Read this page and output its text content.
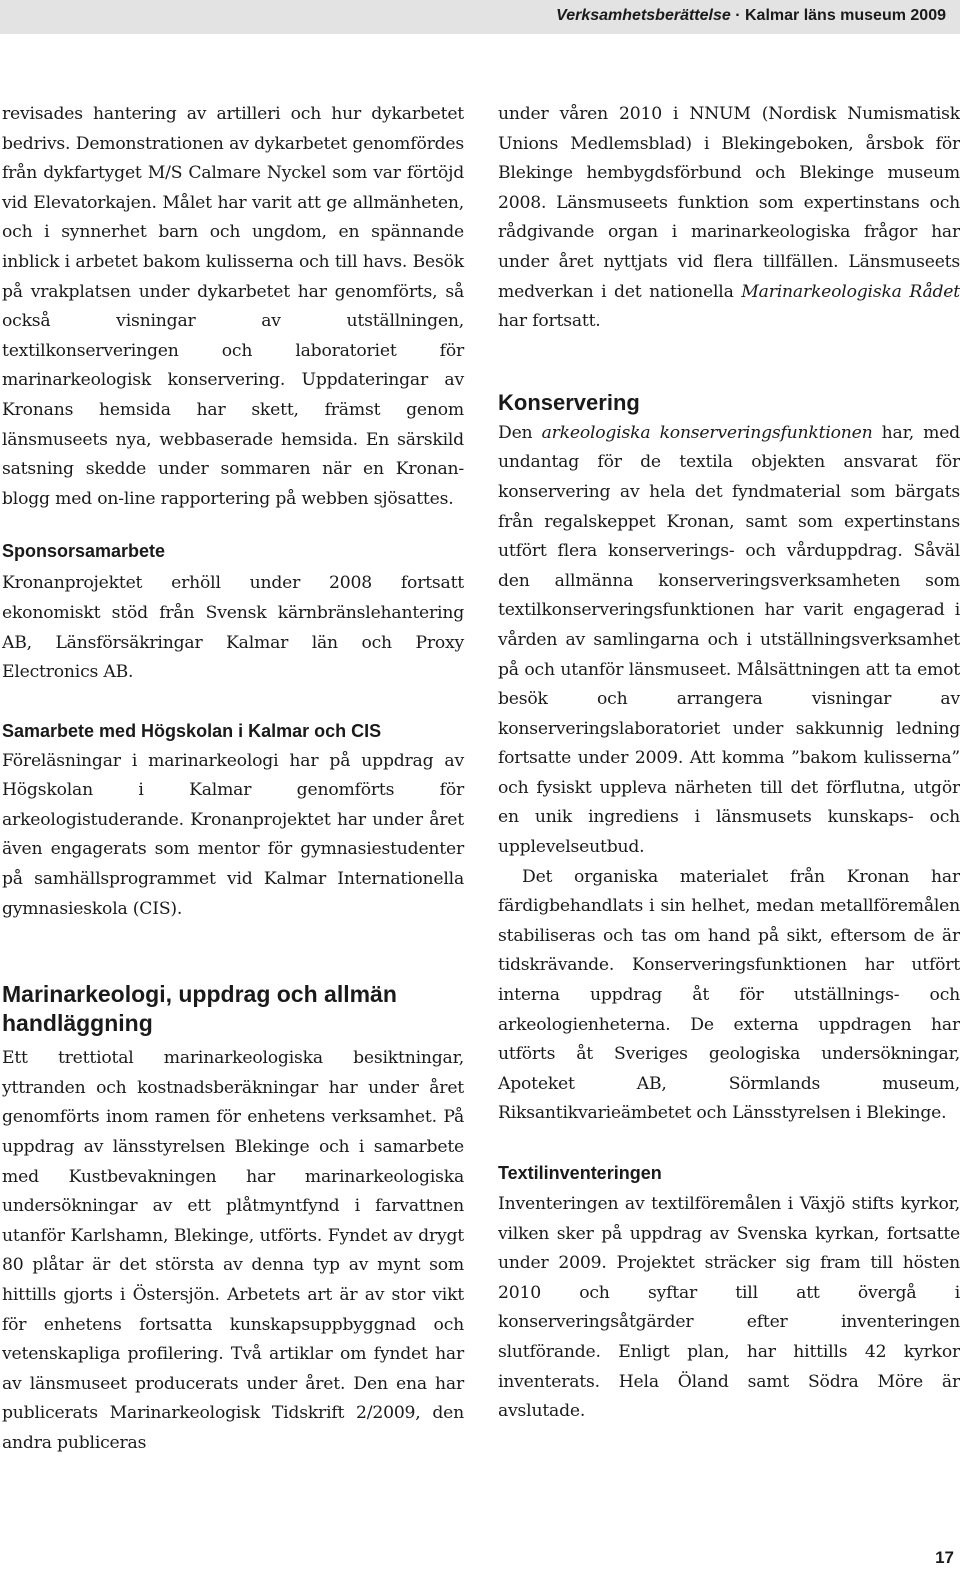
Verksamhetsberättelse · Kalmar läns museum 2009

revisades hantering av artilleri och hur dykarbetet bedrivs. Demonstrationen av dykarbetet genomfördes från dykfartyget M/S Calmare Nyckel som var förtöjd vid Elevatorkajen. Målet har varit att ge allmänheten, och i synnerhet barn och ungdom, en spännande inblick i arbetet bakom kulisserna och till havs. Besök på vrakplatsen under dykarbetet har genomförts, så också visningar av utställningen, textilkonserveringen och laboratoriet för marinarkeologisk konservering. Uppdateringar av Kronans hemsida har skett, främst genom länsmuseets nya, webbaserade hemsida. En särskild satsning skedde under sommaren när en Kronan-blogg med on-line rapportering på webben sjösattes.

Sponsorsamarbete

Kronanprojektet erhöll under 2008 fortsatt ekonomiskt stöd från Svensk kärnbränslehantering AB, Länsförsäkringar Kalmar län och Proxy Electronics AB.

Samarbete med Högskolan i Kalmar och CIS

Föreläsningar i marinarkeologi har på uppdrag av Högskolan i Kalmar genomförts för arkeologistuderande. Kronanprojektet har under året även engagerats som mentor för gymnasiestudenter på samhällsprogrammet vid Kalmar Internationella gymnasieskola (CIS).

Marinarkeologi, uppdrag och allmän
handläggning

Ett trettiotal marinarkeologiska besiktningar, yttranden och kostnadsberäkningar har under året genomförts inom ramen för enhetens verksamhet. På uppdrag av länsstyrelsen Blekinge och i samarbete med Kustbevakningen har marinarkeologiska undersökningar av ett plåtmyntfynd i farvattnen utanför Karlshamn, Blekinge, utförts. Fyndet av drygt 80 plåtar är det största av denna typ av mynt som hittills gjorts i Östersjön. Arbetets art är av stor vikt för enhetens fortsatta kunskapsuppbyggnad och vetenskapliga profilering. Två artiklar om fyndet har av länsmuseet producerats under året. Den ena har publicerats Marinarkeologisk Tidskrift 2/2009, den andra publiceras

under våren 2010 i NNUM (Nordisk Numismatisk Unions Medlemsblad) i Blekingeboken, årsbok för Blekinge hembygdsförbund och Blekinge museum 2008. Länsmuseets funktion som expertinstans och rådgivande organ i marinarkeologiska frågor har under året nyttjats vid flera tillfällen. Länsmuseets medverkan i det nationella Marinarkeologiska Rådet har fortsatt.

Konservering

Den arkeologiska konserveringsfunktionen har, med undantag för de textila objekten ansvarat för konservering av hela det fyndmaterial som bärgats från regalskeppet Kronan, samt som expertinstans utfört flera konserverings- och vårduppdrag. Såväl den allmänna konserveringsverksamheten som textilkonserveringsfunktionen har varit engagerad i vården av samlingarna och i utställningsverksamhet på och utanför länsmuseet. Målsättningen att ta emot besök och arrangera visningar av konserveringslaboratoriet under sakkunnig ledning fortsatte under 2009. Att komma ”bakom kulisserna” och fysiskt uppleva närheten till det förflutna, utgör en unik ingrediens i länsmusets kunskaps- och upplevelseutbud.

Det organiska materialet från Kronan har färdigbehandlats i sin helhet, medan metallföremålen stabiliseras och tas om hand på sikt, eftersom de är tidskrävande. Konserveringsfunktionen har utfört interna uppdrag åt för utställnings- och arkeologienheterna. De externa uppdragen har utförts åt Sveriges geologiska undersökningar, Apoteket AB, Sörmlands museum, Riksantikvarieämbetet och Länsstyrelsen i Blekinge.

Textilinventeringen

Inventeringen av textilföremålen i Växjö stifts kyrkor, vilken sker på uppdrag av Svenska kyrkan, fortsatte under 2009. Projektet sträcker sig fram till hösten 2010 och syftar till att övergå i konserveringsåtgärder efter inventeringen slutförande. Enligt plan, har hittills 42 kyrkor inventerats. Hela Öland samt Södra Möre är avslutade.

17
